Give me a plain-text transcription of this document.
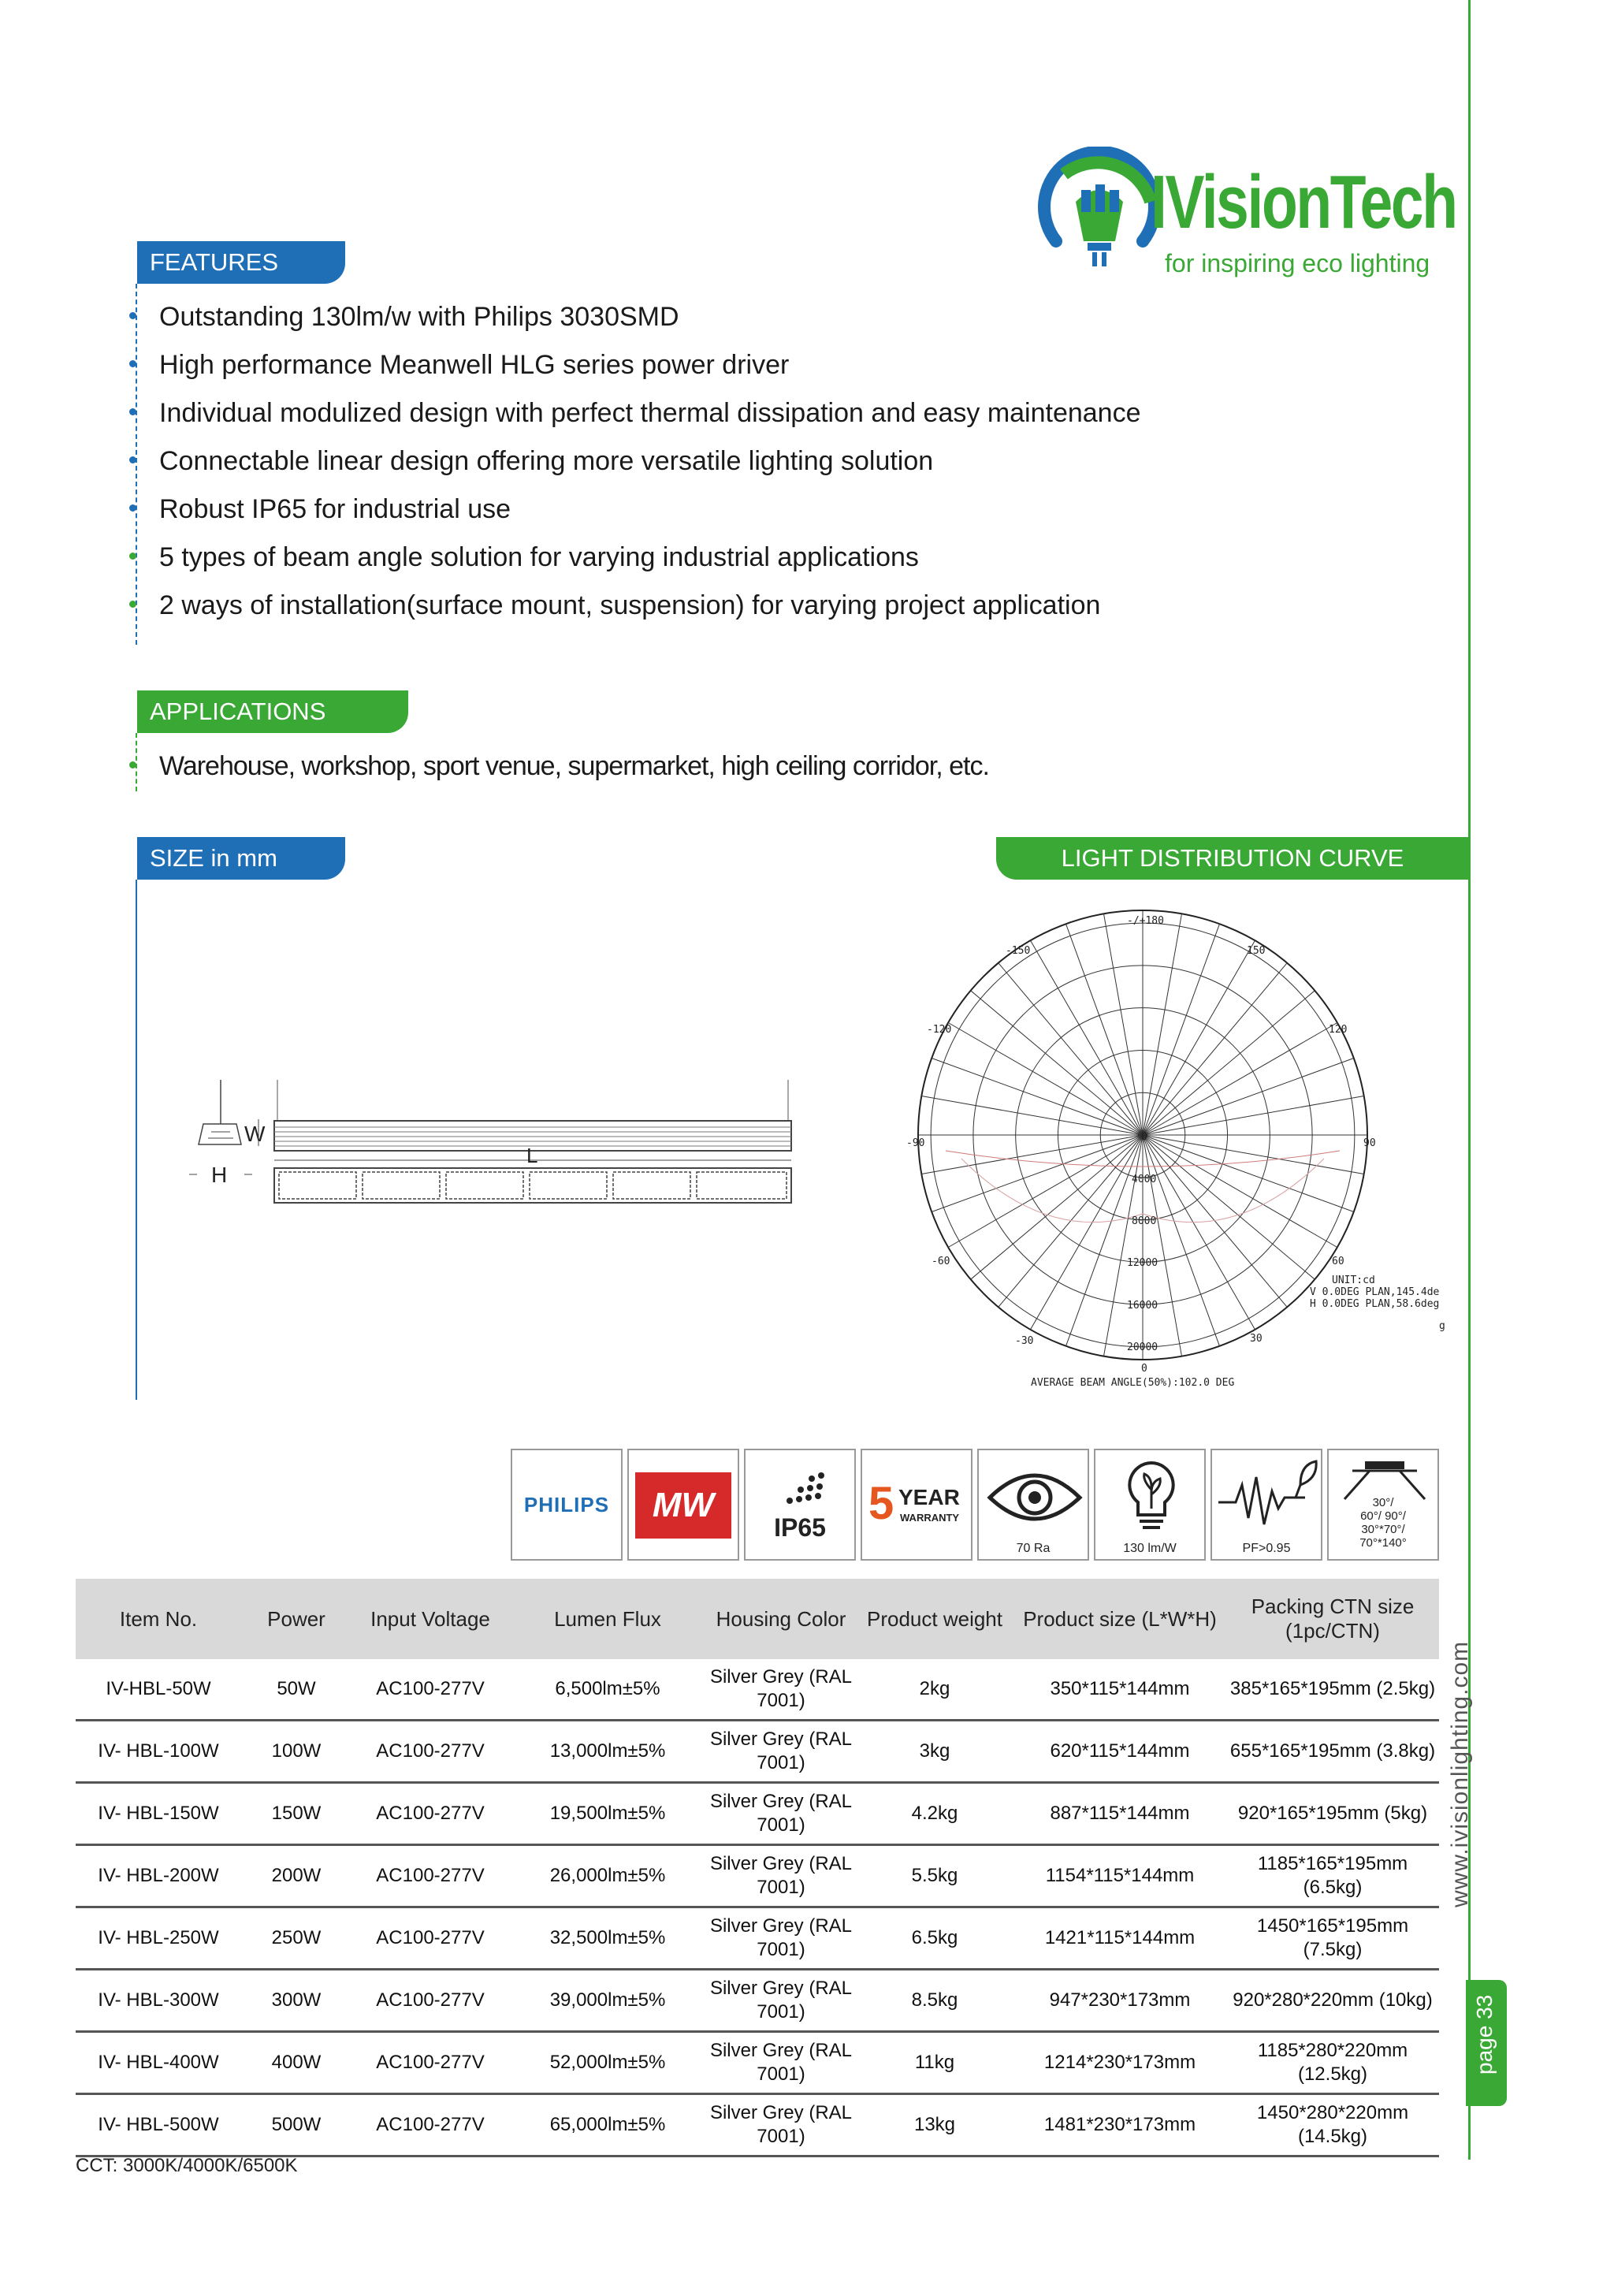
www.ivisionlighting.com
page 33
IVisionTech
for inspiring eco lighting
FEATURES
Outstanding 130lm/w with Philips 3030SMD
High performance Meanwell HLG series power driver
Individual modulized design with perfect thermal dissipation and easy maintenance
Connectable linear design offering more versatile lighting solution
Robust IP65 for industrial use
5 types of beam angle solution for varying industrial applications
2 ways of installation(surface mount, suspension) for varying project application
APPLICATIONS
Warehouse, workshop, sport venue, supermarket, high ceiling corridor, etc.
SIZE in mm
W
H
L
LIGHT DISTRIBUTION CURVE
-/+180
-150	150
-120	120
-90	90
-60	60
-30	30
0
0
4000
8000
12000
16000
20000
UNIT:cd
V 0.0DEG PLAN,145.4de
H 0.0DEG PLAN,58.6deg
g
AVERAGE BEAM ANGLE(50%):102.0 DEG
PHILIPS	MW
IP65 5 YEAR
WARRANTY
70 Ra	130 lm/W	PF>0.95
30°/
60°/ 90°/
30°*70°/
70°*140°
Item No.	Power	Input Voltage	Lumen Flux	Housing Color	Product weight	Product size (L*W*H)	Packing CTN size (1pc/CTN)
IV-HBL-50W	50W	AC100-277V	6,500lm±5%	Silver Grey (RAL 7001)	2kg	350*115*144mm	385*165*195mm (2.5kg)
IV- HBL-100W	100W	AC100-277V	13,000lm±5%	Silver Grey (RAL 7001)	3kg	620*115*144mm	655*165*195mm (3.8kg)
IV- HBL-150W	150W	AC100-277V	19,500lm±5%	Silver Grey (RAL 7001)	4.2kg	887*115*144mm	920*165*195mm (5kg)
IV- HBL-200W	200W	AC100-277V	26,000lm±5%	Silver Grey (RAL 7001)	5.5kg	1154*115*144mm	1185*165*195mm (6.5kg)
IV- HBL-250W	250W	AC100-277V	32,500lm±5%	Silver Grey (RAL 7001)	6.5kg	1421*115*144mm	1450*165*195mm (7.5kg)
IV- HBL-300W	300W	AC100-277V	39,000lm±5%	Silver Grey (RAL 7001)	8.5kg	947*230*173mm	920*280*220mm (10kg)
IV- HBL-400W	400W	AC100-277V	52,000lm±5%	Silver Grey (RAL 7001)	11kg	1214*230*173mm	1185*280*220mm (12.5kg)
IV- HBL-500W	500W	AC100-277V	65,000lm±5%	Silver Grey (RAL 7001)	13kg	1481*230*173mm	1450*280*220mm (14.5kg)
CCT: 3000K/4000K/6500K
